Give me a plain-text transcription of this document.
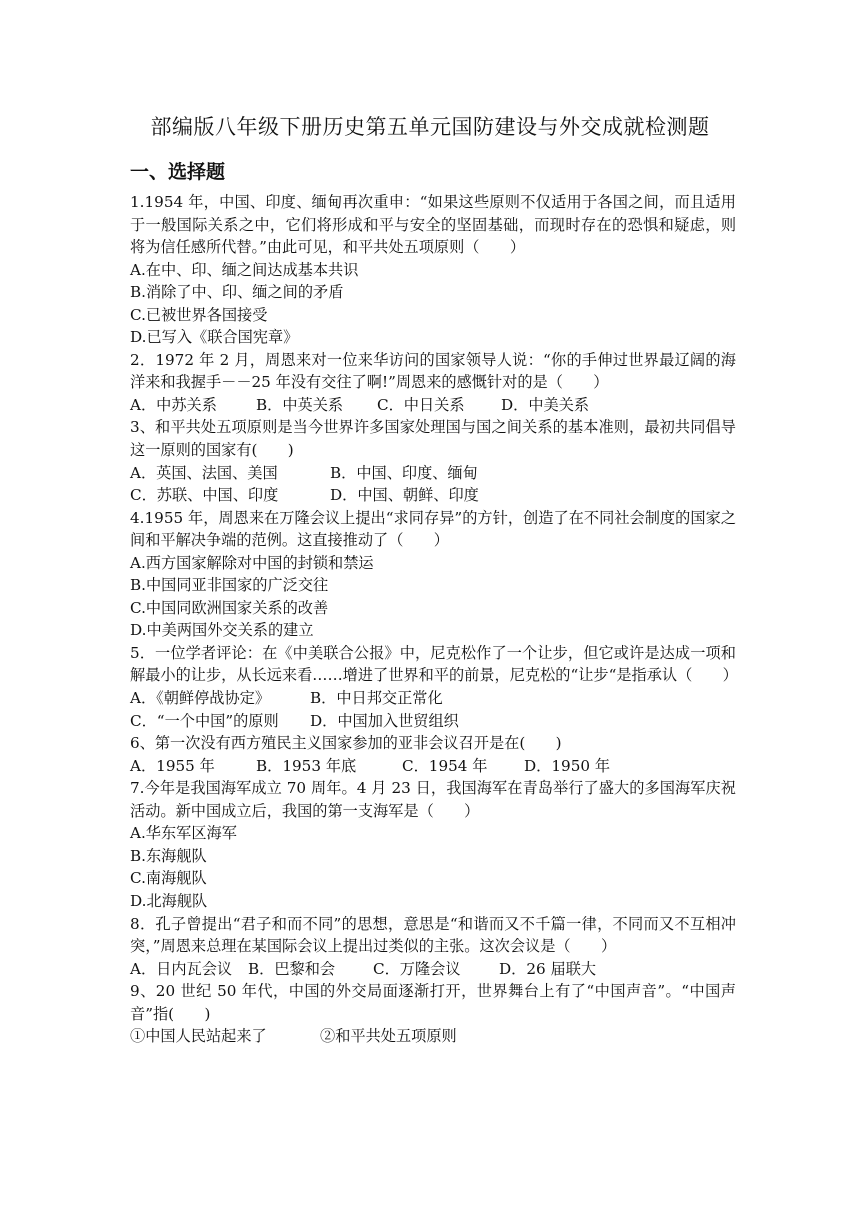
部编版八年级下册历史第五单元国防建设与外交成就检测题
一、选择题

1.1954 年，中国、印度、缅甸再次重申：“如果这些原则不仅适用于各国之间，而且适用于一般国际关系之中，它们将形成和平与安全的坚固基础，而现时存在的恐惧和疑虑，则将为信任感所代替。”由此可见，和平共处五项原则（　　）

A.在中、印、缅之间达成基本共识

B.消除了中、印、缅之间的矛盾

C.已被世界各国接受

D.已写入《联合国宪章》

2．1972 年 2 月，周恩来对一位来华访问的国家领导人说：“你的手伸过世界最辽阔的海洋来和我握手－－25 年没有交往了啊!”周恩来的感慨针对的是（　　）

A．中苏关系	B．中英关系	C．中日关系	D．中美关系

3、和平共处五项原则是当今世界许多国家处理国与国之间关系的基本准则，最初共同倡导这一原则的国家有(　　)

A．英国、法国、美国	B．中国、印度、缅甸
C．苏联、中国、印度	D．中国、朝鲜、印度

4.1955 年，周恩来在万隆会议上提出“求同存异”的方针，创造了在不同社会制度的国家之间和平解决争端的范例。这直接推动了（　　）

A.西方国家解除对中国的封锁和禁运

B.中国同亚非国家的广泛交往

C.中国同欧洲国家关系的改善

D.中美两国外交关系的建立

5．一位学者评论：在《中美联合公报》中，尼克松作了一个让步，但它或许是达成一项和解最小的让步，从长远来看……增进了世界和平的前景，尼克松的“让步“是指承认（　　）

A．《朝鲜停战协定》	B．中日邦交正常化
C．“一个中国”的原则	D．中国加入世贸组织

6、第一次没有西方殖民主义国家参加的亚非会议召开是在(　　)

A．1955 年	B．1953 年底	C．1954 年	D．1950 年

7.今年是我国海军成立 70 周年。4 月 23 日，我国海军在青岛举行了盛大的多国海军庆祝活动。新中国成立后，我国的第一支海军是（　　）

A.华东军区海军

B.东海舰队

C.南海舰队

D.北海舰队

8．孔子曾提出“君子和而不同”的思想，意思是“和谐而又不千篇一律，不同而又不互相冲突，”周恩来总理在某国际会议上提出过类似的主张。这次会议是（　　）

A．日内瓦会议	B．巴黎和会	C．万隆会议	D．26 届联大

9、20 世纪 50 年代，中国的外交局面逐渐打开，世界舞台上有了“中国声音”。“中国声音”指(　　)

①中国人民站起来了	②和平共处五项原则
